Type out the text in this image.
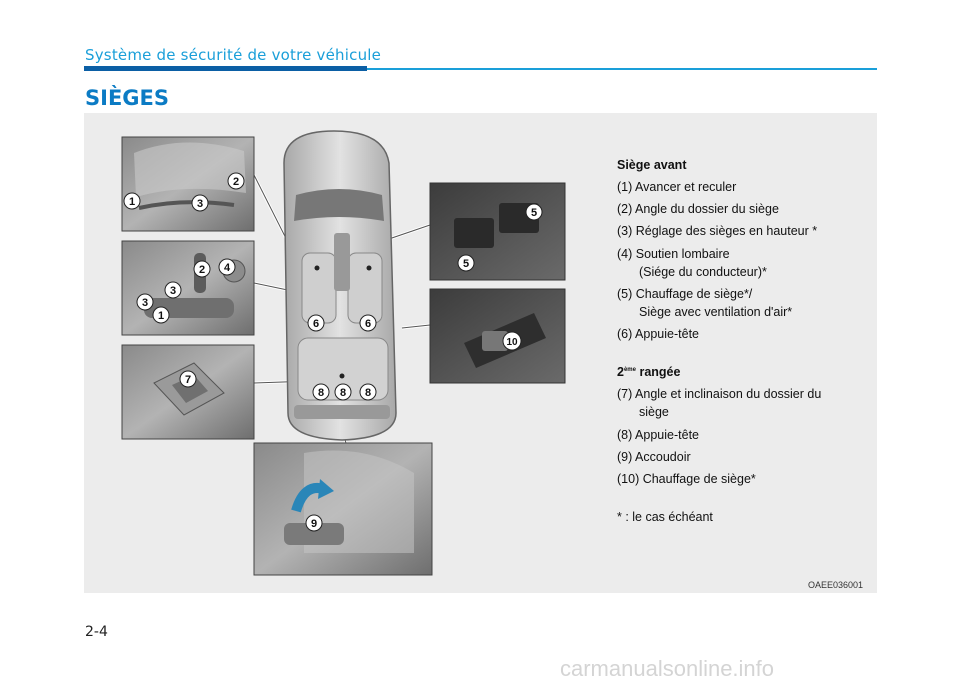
Système de sécurité de votre véhicule
SIÈGES
1
2
3
2 4
3
3
1
7
5
5
10
6	6
8 8 8
9
Siège avant
(1) Avancer et reculer
(2) Angle du dossier du siège
(3) Réglage des sièges en hauteur *
(4) Soutien lombaire
(Siége du conducteur)*
(5) Chauffage de siège*/
Siège avec ventilation d'air*
(6) Appuie-tête
2ème rangée
(7) Angle et inclinaison du dossier du
siège
(8) Appuie-tête
(9) Accoudoir
(10) Chauffage de siège*
* : le cas échéant
OAEE036001
2-4
carmanualsonline.info
